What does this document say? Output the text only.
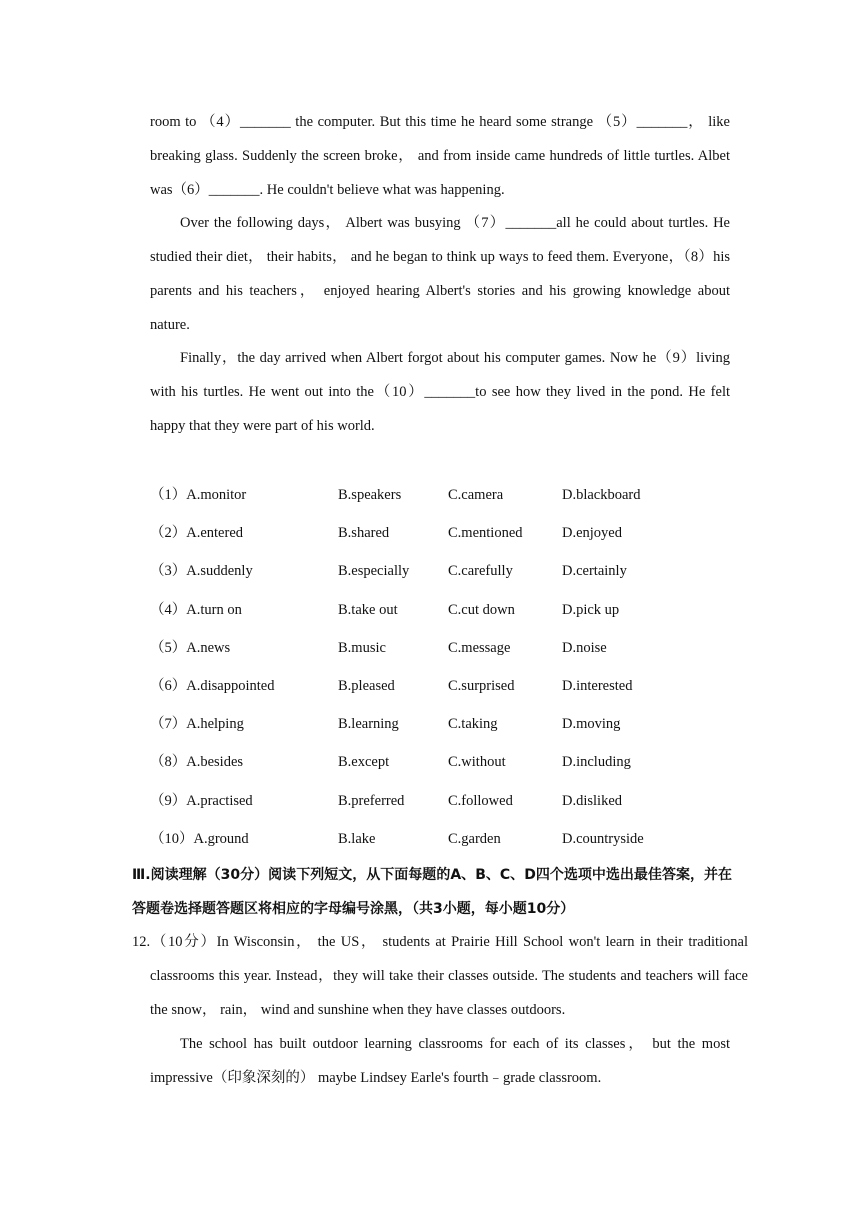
room to （4）_______ the computer. But this time he heard some strange （5）_______， like breaking glass. Suddenly the screen broke， and from inside came hundreds of little turtles. Albet was（6）_______. He couldn't believe what was happening.

Over the following days， Albert was busying （7）_______all he could about turtles. He studied their diet， their habits， and he began to think up ways to feed them. Everyone，（8）his parents and his teachers， enjoyed hearing Albert's stories and his growing knowledge about nature.

Finally，the day arrived when Albert forgot about his computer games. Now he（9）living with his turtles. He went out into the（10）_______to see how they lived in the pond. He felt happy that they were part of his world.

（1）A.monitor	B.speakers	C.camera	D.blackboard
（2）A.entered	B.shared	C.mentioned	D.enjoyed
（3）A.suddenly	B.especially	C.carefully	D.certainly
（4）A.turn on	B.take out	C.cut down	D.pick up
（5）A.news	B.music	C.message	D.noise
（6）A.disappointed	B.pleased	C.surprised	D.interested
（7）A.helping	B.learning	C.taking	D.moving
（8）A.besides	B.except	C.without	D.including
（9）A.practised	B.preferred	C.followed	D.disliked
（10）A.ground	B.lake	C.garden	D.countryside

Ⅲ.阅读理解（30分）阅读下列短文，从下面每题的A、B、C、D四个选项中选出最佳答案，并在答题卷选择题答题区将相应的字母编号涂黑，（共3小题，每小题10分）

12.（10分）In Wisconsin， the US， students at Prairie Hill School won't learn in their traditional classrooms this year. Instead，they will take their classes outside. The students and teachers will face the snow， rain， wind and sunshine when they have classes outdoors.

The school has built outdoor learning classrooms for each of its classes， but the most impressive（印象深刻的） maybe Lindsey Earle's fourth﹣grade classroom.
